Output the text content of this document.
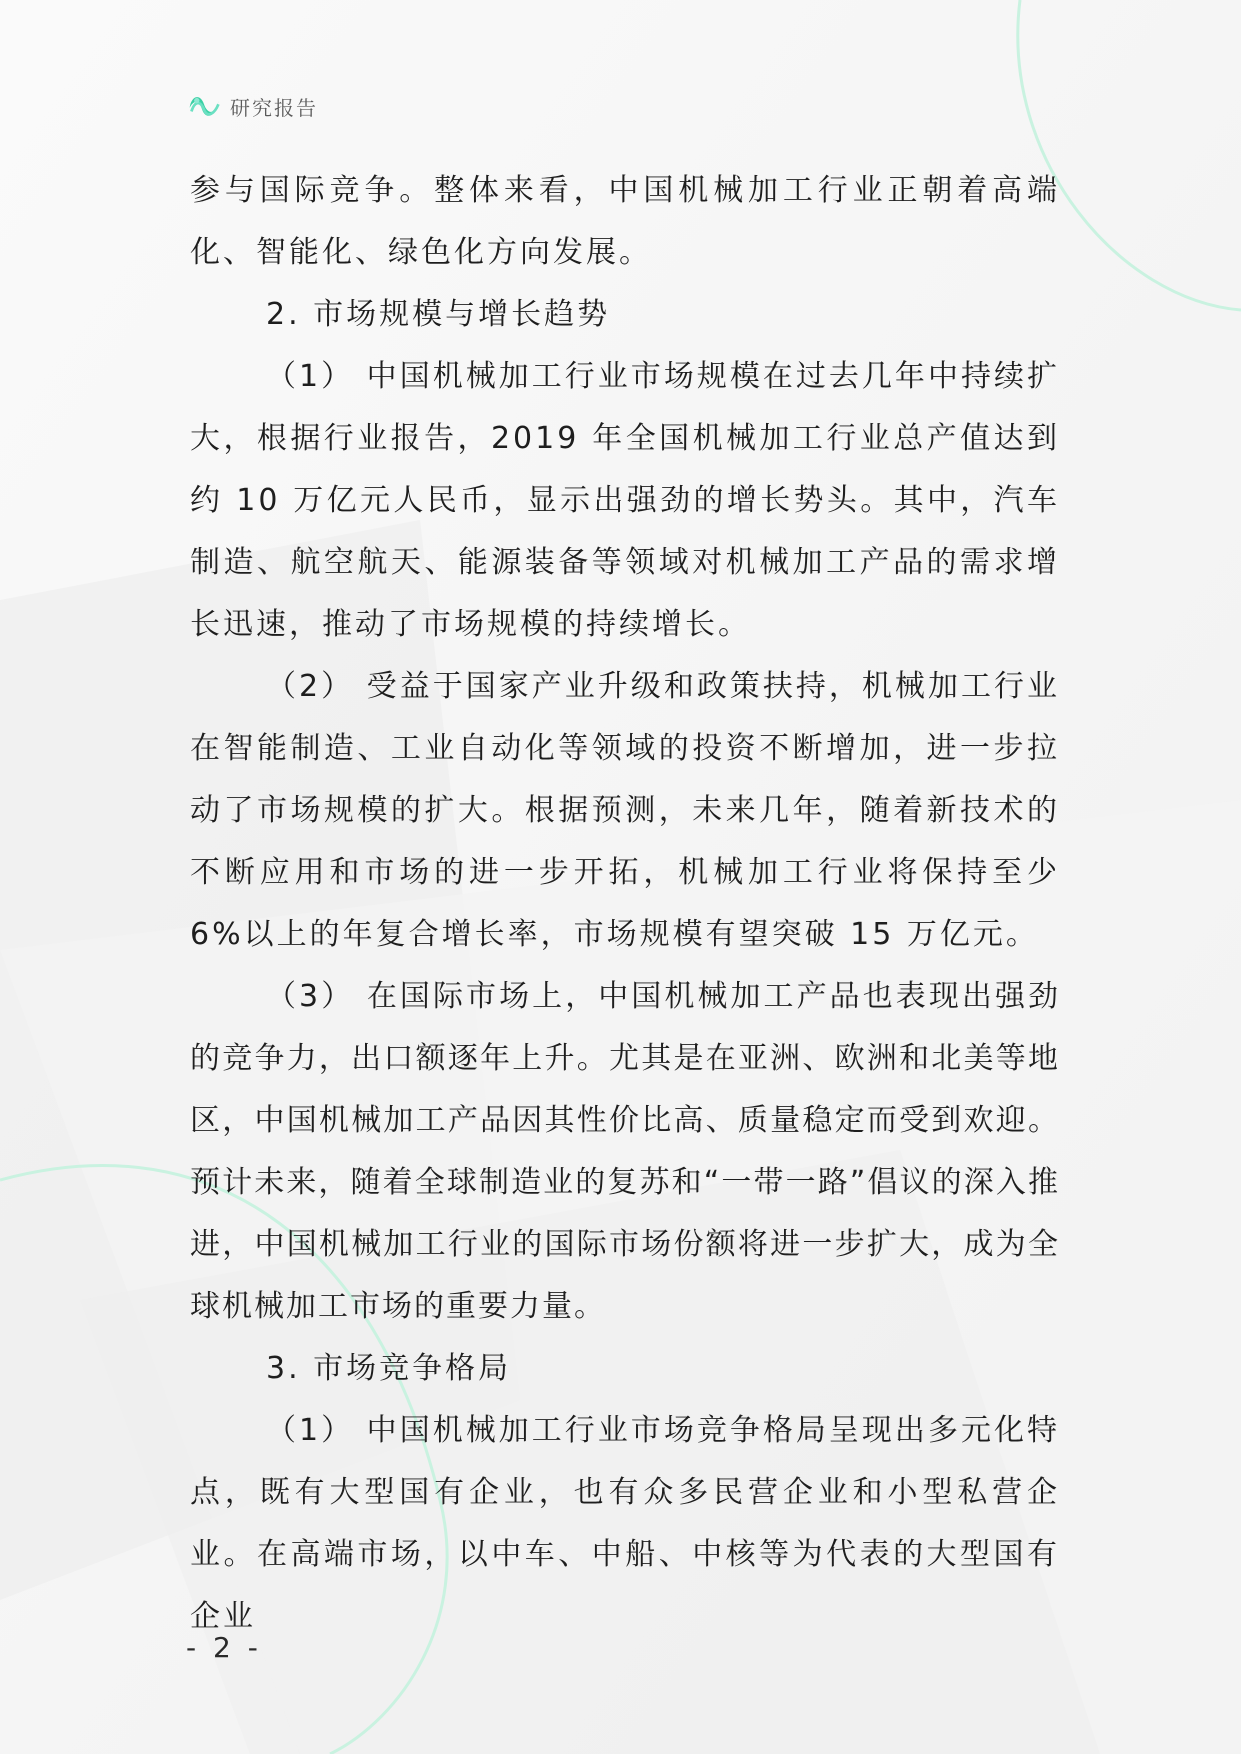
研究报告

参与国际竞争。整体来看，中国机械加工行业正朝着高端化、智能化、绿色化方向发展。

2. 市场规模与增长趋势

（1） 中国机械加工行业市场规模在过去几年中持续扩大，根据行业报告，2019 年全国机械加工行业总产值达到约 10 万亿元人民币，显示出强劲的增长势头。其中，汽车制造、航空航天、能源装备等领域对机械加工产品的需求增长迅速，推动了市场规模的持续增长。

（2） 受益于国家产业升级和政策扶持，机械加工行业在智能制造、工业自动化等领域的投资不断增加，进一步拉动了市场规模的扩大。根据预测，未来几年，随着新技术的不断应用和市场的进一步开拓，机械加工行业将保持至少 6%以上的年复合增长率，市场规模有望突破 15 万亿元。

（3） 在国际市场上，中国机械加工产品也表现出强劲的竞争力，出口额逐年上升。尤其是在亚洲、欧洲和北美等地区，中国机械加工产品因其性价比高、质量稳定而受到欢迎。预计未来，随着全球制造业的复苏和“一带一路”倡议的深入推进，中国机械加工行业的国际市场份额将进一步扩大，成为全球机械加工市场的重要力量。

3. 市场竞争格局

（1） 中国机械加工行业市场竞争格局呈现出多元化特点，既有大型国有企业，也有众多民营企业和小型私营企业。在高端市场，以中车、中船、中核等为代表的大型国有企业

- 2 -
